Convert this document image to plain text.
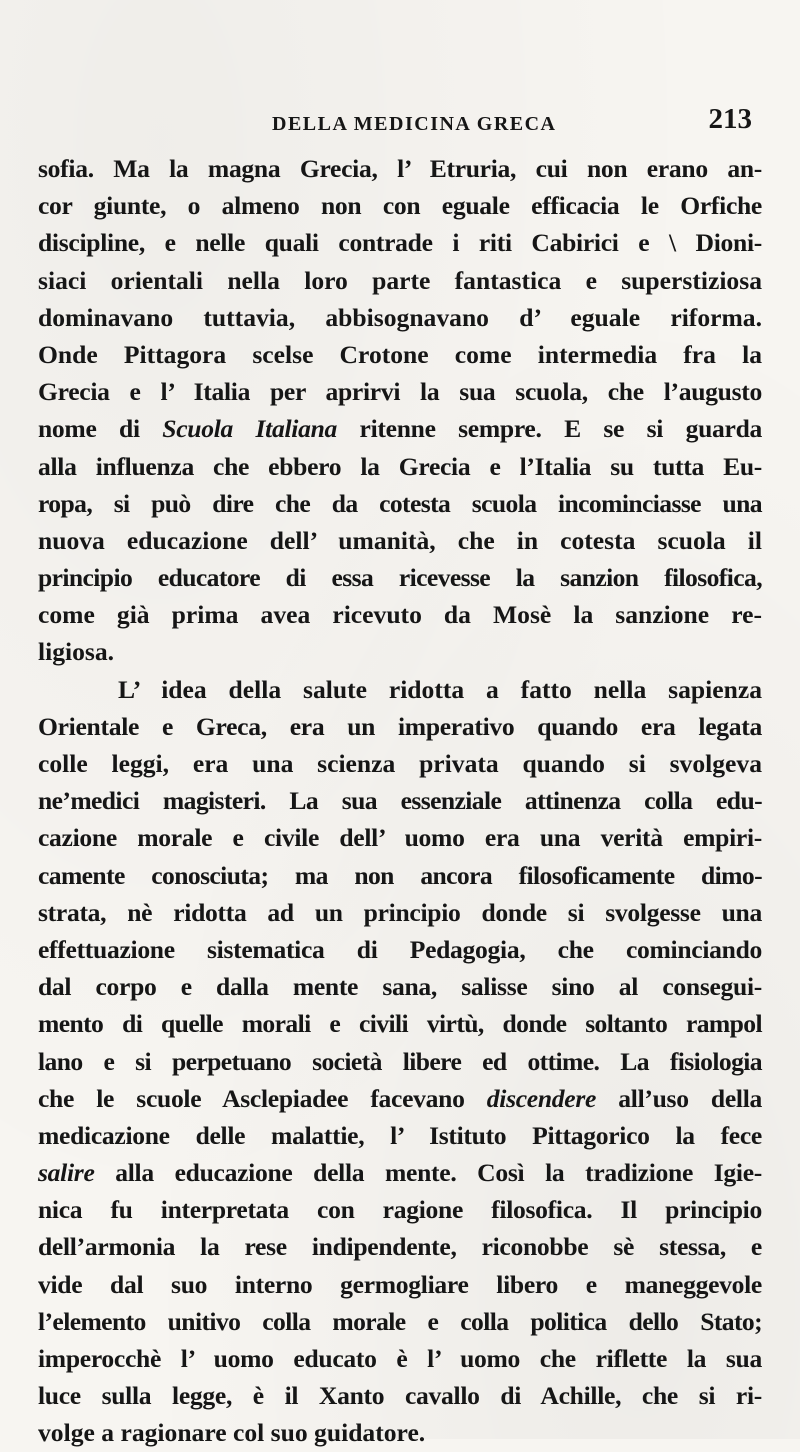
DELLA MEDICINA GRECA	213
sofia. Ma la magna Grecia, l’ Etruria, cui non erano an-
cor giunte, o almeno non con eguale efficacia le Orfiche
discipline, e nelle quali contrade i riti Cabirici e \ Dioni-
siaci orientali nella loro parte fantastica e superstiziosa
dominavano tuttavia, abbisognavano d’ eguale riforma.
Onde Pittagora scelse Crotone come intermedia fra la
Grecia e l’ Italia per aprirvi la sua scuola, che l’augusto
nome di Scuola Italiana ritenne sempre. E se si guarda
alla influenza che ebbero la Grecia e l’Italia su tutta Eu-
ropa, si può dire che da cotesta scuola incominciasse una
nuova educazione dell’ umanità, che in cotesta scuola il
principio educatore di essa ricevesse la sanzion filosofica,
come già prima avea ricevuto da Mosè la sanzione re-
ligiosa.
L’ idea della salute ridotta a fatto nella sapienza
Orientale e Greca, era un imperativo quando era legata
colle leggi, era una scienza privata quando si svolgeva
ne’medici magisteri. La sua essenziale attinenza colla edu-
cazione morale e civile dell’ uomo era una verità empiri-
camente conosciuta; ma non ancora filosoficamente dimo-
strata, nè ridotta ad un principio donde si svolgesse una
effettuazione sistematica di Pedagogia, che cominciando
dal corpo e dalla mente sana, salisse sino al consegui-
mento di quelle morali e civili virtù, donde soltanto rampol
lano e si perpetuano società libere ed ottime. La fisiologia
che le scuole Asclepiadee facevano discendere all’uso della
medicazione delle malattie, l’ Istituto Pittagorico la fece
salire alla educazione della mente. Così la tradizione Igie-
nica fu interpretata con ragione filosofica. Il principio
dell’armonia la rese indipendente, riconobbe sè stessa, e
vide dal suo interno germogliare libero e maneggevole
l’elemento unitivo colla morale e colla politica dello Stato;
imperocchè l’ uomo educato è l’ uomo che riflette la sua
luce sulla legge, è il Xanto cavallo di Achille, che si ri-
volge a ragionare col suo guidatore.
